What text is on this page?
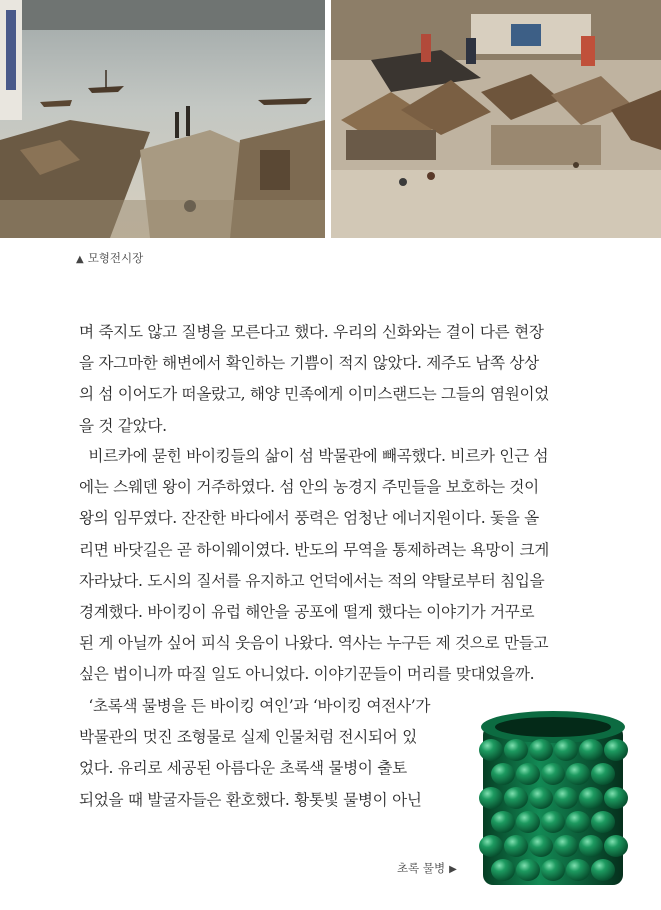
▲ 모형전시장
며 죽지도 않고 질병을 모른다고 했다. 우리의 신화와는 결이 다른 현장
을 자그마한 해변에서 확인하는 기쁨이 적지 않았다. 제주도 남쪽 상상
의 섬 이어도가 떠올랐고, 해양 민족에게 이미스랜드는 그들의 염원이었
을 것 같았다.
비르카에 묻힌 바이킹들의 삶이 섬 박물관에 빼곡했다. 비르카 인근 섬
에는 스웨덴 왕이 거주하였다. 섬 안의 농경지 주민들을 보호하는 것이
왕의 임무였다. 잔잔한 바다에서 풍력은 엄청난 에너지원이다. 돛을 올
리면 바닷길은 곧 하이웨이였다. 반도의 무역을 통제하려는 욕망이 크게
자라났다. 도시의 질서를 유지하고 언덕에서는 적의 약탈로부터 침입을
경계했다. 바이킹이 유럽 해안을 공포에 떨게 했다는 이야기가 거꾸로
된 게 아닐까 싶어 피식 웃음이 나왔다. 역사는 누구든 제 것으로 만들고
싶은 법이니까 따질 일도 아니었다. 이야기꾼들이 머리를 맞대었을까.
‘초록색 물병을 든 바이킹 여인’과 ‘바이킹 여전사’가
박물관의 멋진 조형물로 실제 인물처럼 전시되어 있
었다. 유리로 세공된 아름다운 초록색 물병이 출토
되었을 때 발굴자들은 환호했다. 황톳빛 물병이 아닌
초록 물병 ▶
